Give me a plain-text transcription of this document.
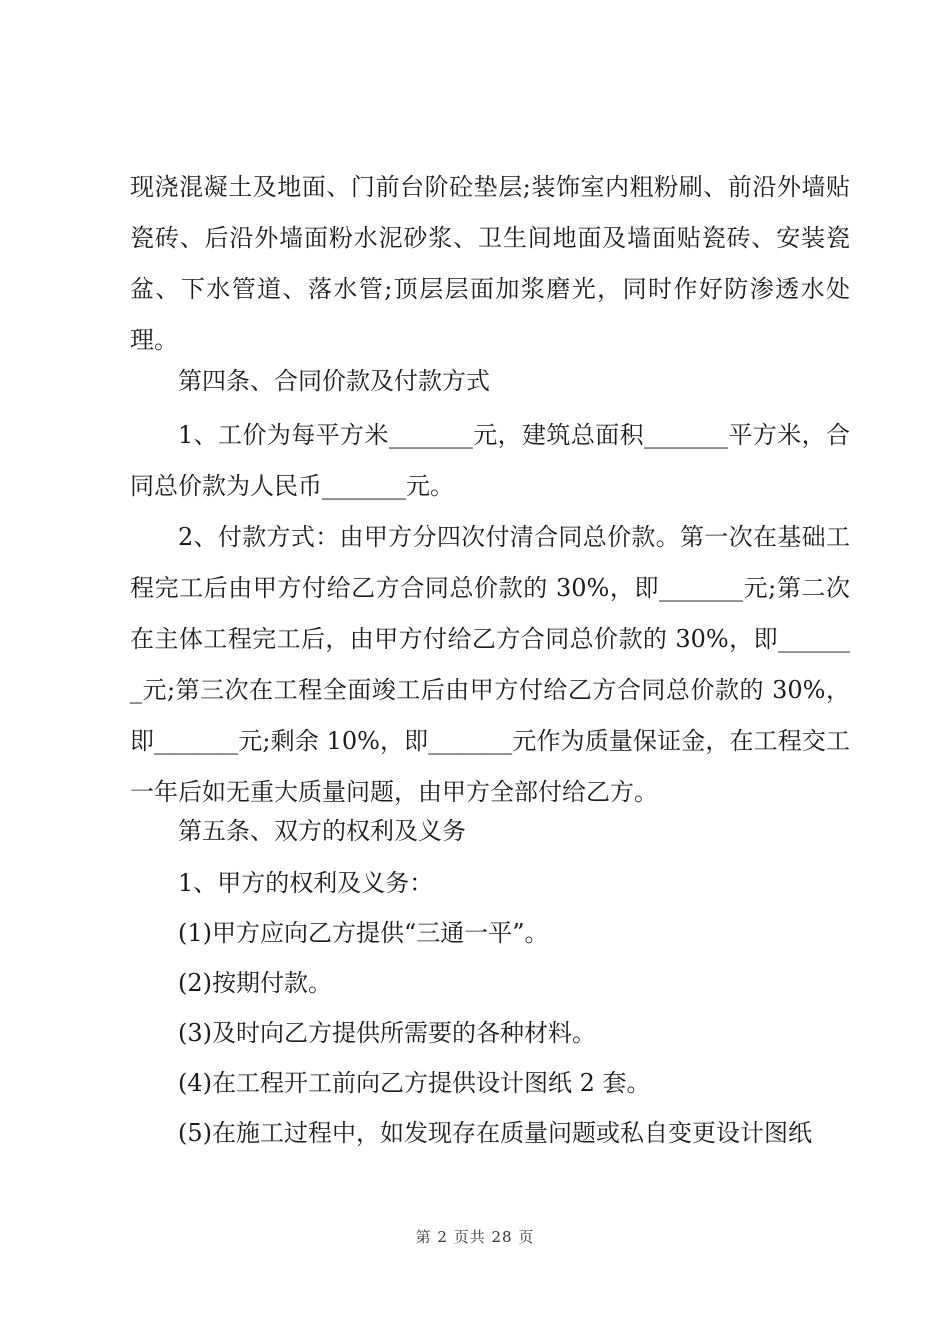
现浇混凝土及地面、门前台阶砼垫层;装饰室内粗粉刷、前沿外墙贴瓷砖、后沿外墙面粉水泥砂浆、卫生间地面及墙面贴瓷砖、安装瓷盆、下水管道、落水管;顶层层面加浆磨光，同时作好防渗透水处理。

第四条、合同价款及付款方式

1、工价为每平方米_______元，建筑总面积_______平方米，合同总价款为人民币_______元。

2、付款方式：由甲方分四次付清合同总价款。第一次在基础工程完工后由甲方付给乙方合同总价款的 30%，即_______元;第二次在主体工程完工后，由甲方付给乙方合同总价款的 30%，即_______元;第三次在工程全面竣工后由甲方付给乙方合同总价款的 30%，即_______元;剩余 10%，即_______元作为质量保证金，在工程交工一年后如无重大质量问题，由甲方全部付给乙方。

第五条、双方的权利及义务

1、甲方的权利及义务：

(1)甲方应向乙方提供“三通一平”。

(2)按期付款。

(3)及时向乙方提供所需要的各种材料。

(4)在工程开工前向乙方提供设计图纸 2 套。

(5)在施工过程中，如发现存在质量问题或私自变更设计图纸

第 2 页共 28 页
